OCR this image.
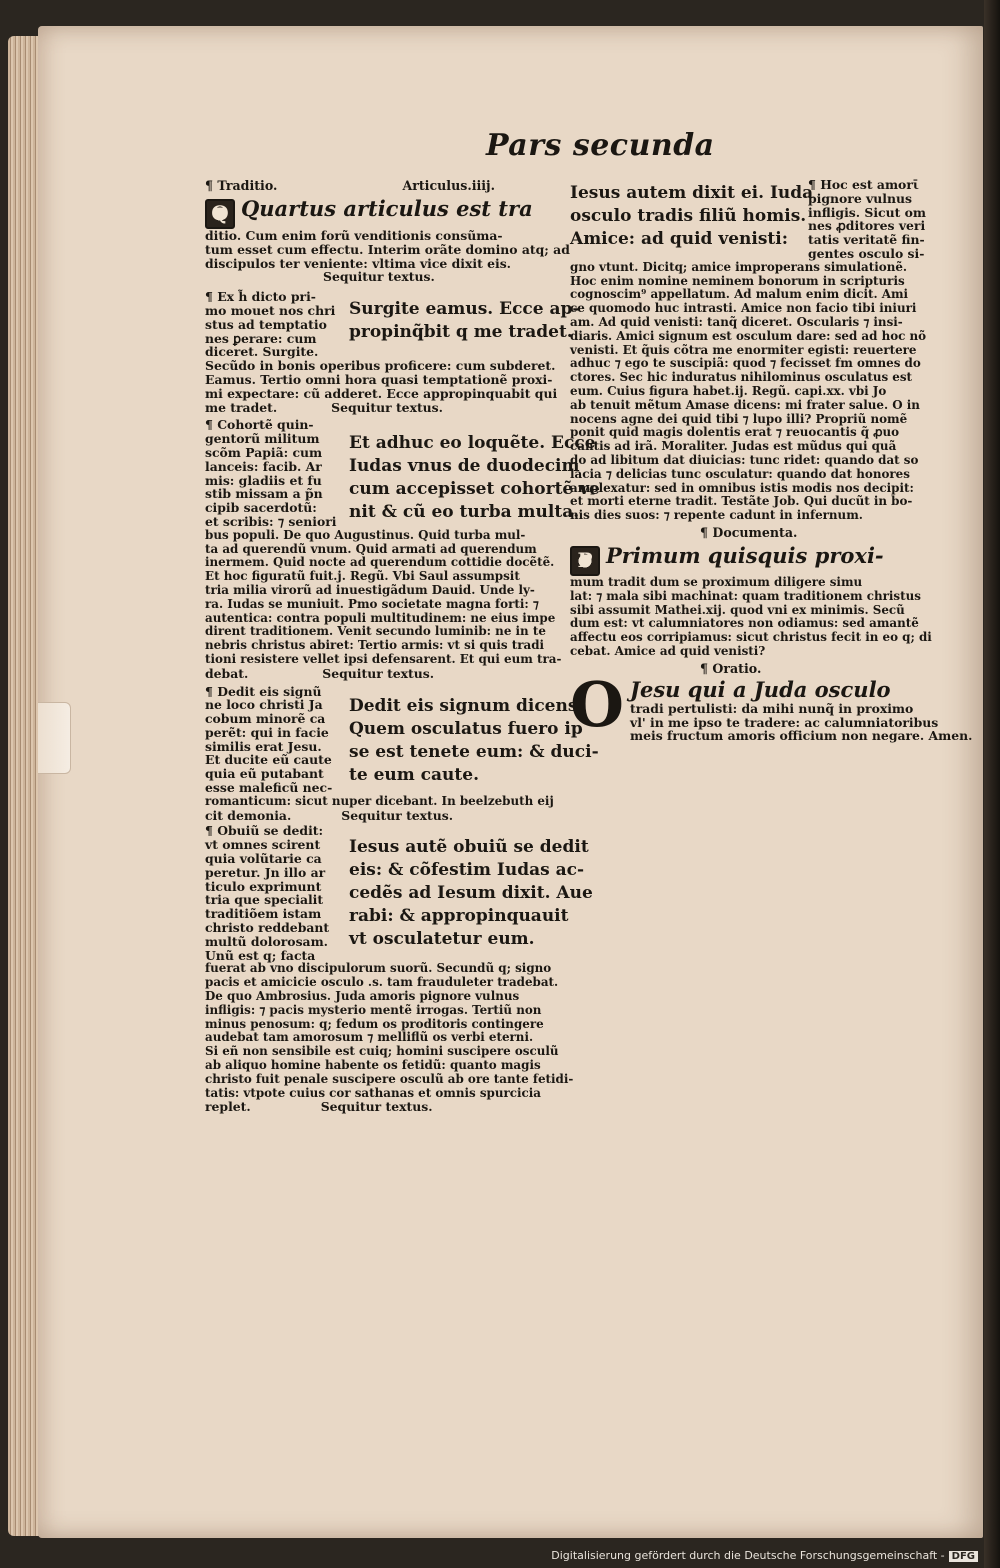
Pars secunda
¶ Traditio.	Articulus.iiij.
Q Quartus articulus est tra
ditio. Cum enim forũ venditionis consũma-
tum esset cum effectu. Interim orãte domino atq; ad
discipulos ter veniente: vltima vice dixit eis.
Sequitur textus.
¶ Ex h̃ dicto pri-
mo mouet nos chri
stus ad temptatio
nes ꝑerare: cum
diceret. Surgite.
Surgite eamus. Ecce ap-
propinq̃bit q me tradet.
Secũdo in bonis operibus proficere: cum subderet.
Eamus. Tertio omni hora quasi temptationẽ proxi-
mi expectare: cũ adderet. Ecce appropinquabit qui
me tradet.	Sequitur textus.
¶ Cohortẽ quin-
gentorũ militum
scõm Papiã: cum
lanceis: facib. Ar
mis: gladiis et fu
stib missam a p̃n
cipib sacerdotũ:
et scribis: ⁊ seniori
Et adhuc eo loquẽte. Ecce
Iudas vnus de duodecim
cum accepisset cohortẽ ve
nit & cũ eo turba multa.
bus populi. De quo Augustinus. Quid turba mul-
ta ad querendũ vnum. Quid armati ad querendum
inermem. Quid nocte ad querendum cottidie docẽtẽ.
Et hoc figuratũ fuit.j. Regũ. Vbi Saul assumpsit
tria milia virorũ ad inuestigãdum Dauid. Unde ly-
ra. Iudas se muniuit. Pmo societate magna forti: ⁊
autentica: contra populi multitudinem: ne eius impe
dirent traditionem. Venit secundo luminib: ne in te
nebris christus abiret: Tertio armis: vt si quis tradi
tioni resistere vellet ipsi defensarent. Et qui eum tra-
debat.	Sequitur textus.
¶ Dedit eis signũ
ne loco christi Ja
cobum minorẽ ca
perẽt: qui in facie
similis erat Jesu.
Et ducite eũ caute
quia eũ putabant
esse maleficũ nec-
Dedit eis signum dicens.
Quem osculatus fuero ip
se est tenete eum: & duci-
te eum caute.
romanticum: sicut nuper dicebant. In beelzebuth eij
cit demonia.	Sequitur textus.
¶ Obuiũ se dedit:
vt omnes scirent
quia volũtarie ca
peretur. Jn illo ar
ticulo exprimunt
tria que specialit
traditiõem istam
christo reddebant
multũ dolorosam.
Unũ est q; facta
Iesus autẽ obuiũ se dedit
eis: & cõfestim Iudas ac-
cedẽs ad Iesum dixit. Aue
rabi: & appropinquauit
vt osculatetur eum.
fuerat ab vno discipulorum suorũ. Secundũ q; signo
pacis et amicicie osculo .s. tam frauduleter tradebat.
De quo Ambrosius. Juda amoris pignore vulnus
infligis: ⁊ pacis mysterio mentẽ irrogas. Tertiũ non
minus penosum: q; fedum os proditoris contingere
audebat tam amorosum ⁊ melliflũ os verbi eterni.
Si eñ non sensibile est cuiq; homini suscipere osculũ
ab aliquo homine habente os fetidũ: quanto magis
christo fuit penale suscipere osculũ ab ore tante fetidi-
tatis: vtpote cuius cor sathanas et omnis spurcicia
replet.	Sequitur textus.
Iesus autem dixit ei. Iuda
osculo tradis filiũ homis.
Amice: ad quid venisti:
¶ Hoc est amorῑ
pignore vulnus
infligis. Sicut om
nes ꝓditores veri
tatis veritatẽ fin-
gentes osculo si-
gno vtunt. Dicitq; amice improperans simulationẽ.
Hoc enim nomine neminem bonorum in scripturis
cognoscim⁹ appellatum. Ad malum enim dicit. Ami
ce quomodo huc intrasti. Amice non facio tibi iniuri
am. Ad quid venisti: tanq̃ diceret. Oscularis ⁊ insi-
diaris. Amici signum est osculum dare: sed ad hoc nõ
venisti. Et q̃uis cõtra me enormiter egisti: reuertere
adhuc ⁊ ego te suscipiã: quod ⁊ fecisset fm omnes do
ctores. Sec hic induratus nihilominus osculatus est
eum. Cuius figura habet.ij. Regũ. capi.xx. vbi Jo
ab tenuit mẽtum Amase dicens: mi frater salue. O in
nocens agne dei quid tibi ⁊ lupo illi? Propriũ nomẽ
ponit quid magis dolentis erat ⁊ reuocantis q̃ ꝓuo
cantis ad irã. Moraliter. Judas est mũdus qui quã
do ad libitum dat diuicias: tunc ridet: quando dat so
lacia ⁊ delicias tunc osculatur: quando dat honores
amplexatur: sed in omnibus istis modis nos decipit:
et morti eterne tradit. Testãte Job. Qui ducũt in bo-
nis dies suos: ⁊ repente cadunt in infernum.
¶ Documenta.
P Primum quisquis proxi-
mum tradit dum se proximum diligere simu
lat: ⁊ mala sibi machinat: quam traditionem christus
sibi assumit Mathei.xij. quod vni ex minimis. Secũ
dum est: vt calumniatores non odiamus: sed amantẽ
affectu eos corripiamus: sicut christus fecit in eo q; di
cebat. Amice ad quid venisti?
¶ Oratio.
O Jesu qui a Juda osculo
tradi pertulisti: da mihi nunq̃ in proximo
vl' in me ipso te tradere: ac calumniatoribus
meis fructum amoris officium non negare. Amen.
Digitalisierung gefördert durch die Deutsche Forschungsgemeinschaft - DFG
